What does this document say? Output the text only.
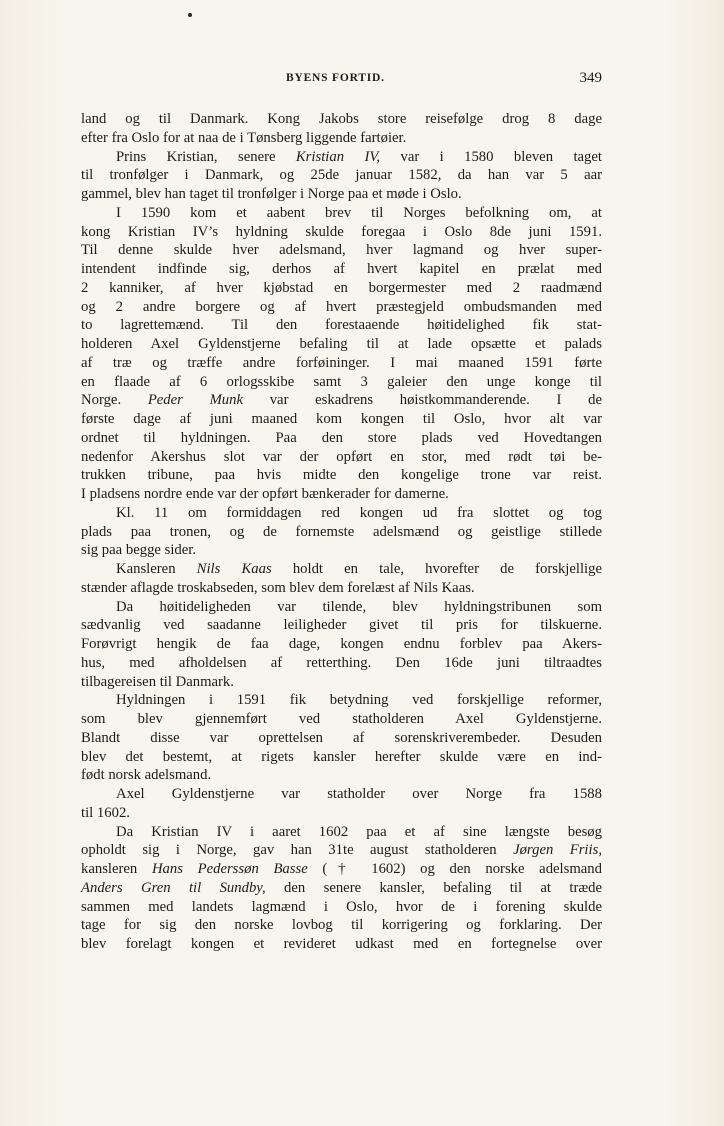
BYENS FORTID.	349
land og til Danmark. Kong Jakobs store reisefølge drog 8 dage
efter fra Oslo for at naa de i Tønsberg liggende fartøier.
Prins Kristian, senere Kristian IV, var i 1580 bleven taget
til tronfølger i Danmark, og 25de januar 1582, da han var 5 aar
gammel, blev han taget til tronfølger i Norge paa et møde i Oslo.
I 1590 kom et aabent brev til Norges befolkning om, at
kong Kristian IV’s hyldning skulde foregaa i Oslo 8de juni 1591.
Til denne skulde hver adelsmand, hver lagmand og hver super-
intendent indfinde sig, derhos af hvert kapitel en prælat med
2 kanniker, af hver kjøbstad en borgermester med 2 raadmænd
og 2 andre borgere og af hvert præstegjeld ombudsmanden med
to lagrettemænd. Til den forestaaende høitidelighed fik stat-
holderen Axel Gyldenstjerne befaling til at lade opsætte et palads
af træ og træffe andre forføininger. I mai maaned 1591 førte
en flaade af 6 orlogsskibe samt 3 galeier den unge konge til
Norge. Peder Munk var eskadrens høistkommanderende. I de
første dage af juni maaned kom kongen til Oslo, hvor alt var
ordnet til hyldningen. Paa den store plads ved Hovedtangen
nedenfor Akershus slot var der opført en stor, med rødt tøi be-
trukken tribune, paa hvis midte den kongelige trone var reist.
I pladsens nordre ende var der opført bænkerader for damerne.
Kl. 11 om formiddagen red kongen ud fra slottet og tog
plads paa tronen, og de fornemste adelsmænd og geistlige stillede
sig paa begge sider.
Kansleren Nils Kaas holdt en tale, hvorefter de forskjellige
stænder aflagde troskabseden, som blev dem forelæst af Nils Kaas.
Da høitideligheden var tilende, blev hyldningstribunen som
sædvanlig ved saadanne leiligheder givet til pris for tilskuerne.
Forøvrigt hengik de faa dage, kongen endnu forblev paa Akers-
hus, med afholdelsen af retterthing. Den 16de juni tiltraadtes
tilbagereisen til Danmark.
Hyldningen i 1591 fik betydning ved forskjellige reformer,
som blev gjennemført ved statholderen Axel Gyldenstjerne.
Blandt disse var oprettelsen af sorenskriverembeder. Desuden
blev det bestemt, at rigets kansler herefter skulde være en ind-
født norsk adelsmand.
Axel Gyldenstjerne var statholder over Norge fra 1588
til 1602.
Da Kristian IV i aaret 1602 paa et af sine længste besøg
opholdt sig i Norge, gav han 31te august statholderen Jørgen Friis,
kansleren Hans Pederssøn Basse († 1602) og den norske adelsmand
Anders Gren til Sundby, den senere kansler, befaling til at træde
sammen med landets lagmænd i Oslo, hvor de i forening skulde
tage for sig den norske lovbog til korrigering og forklaring. Der
blev forelagt kongen et revideret udkast med en fortegnelse over
